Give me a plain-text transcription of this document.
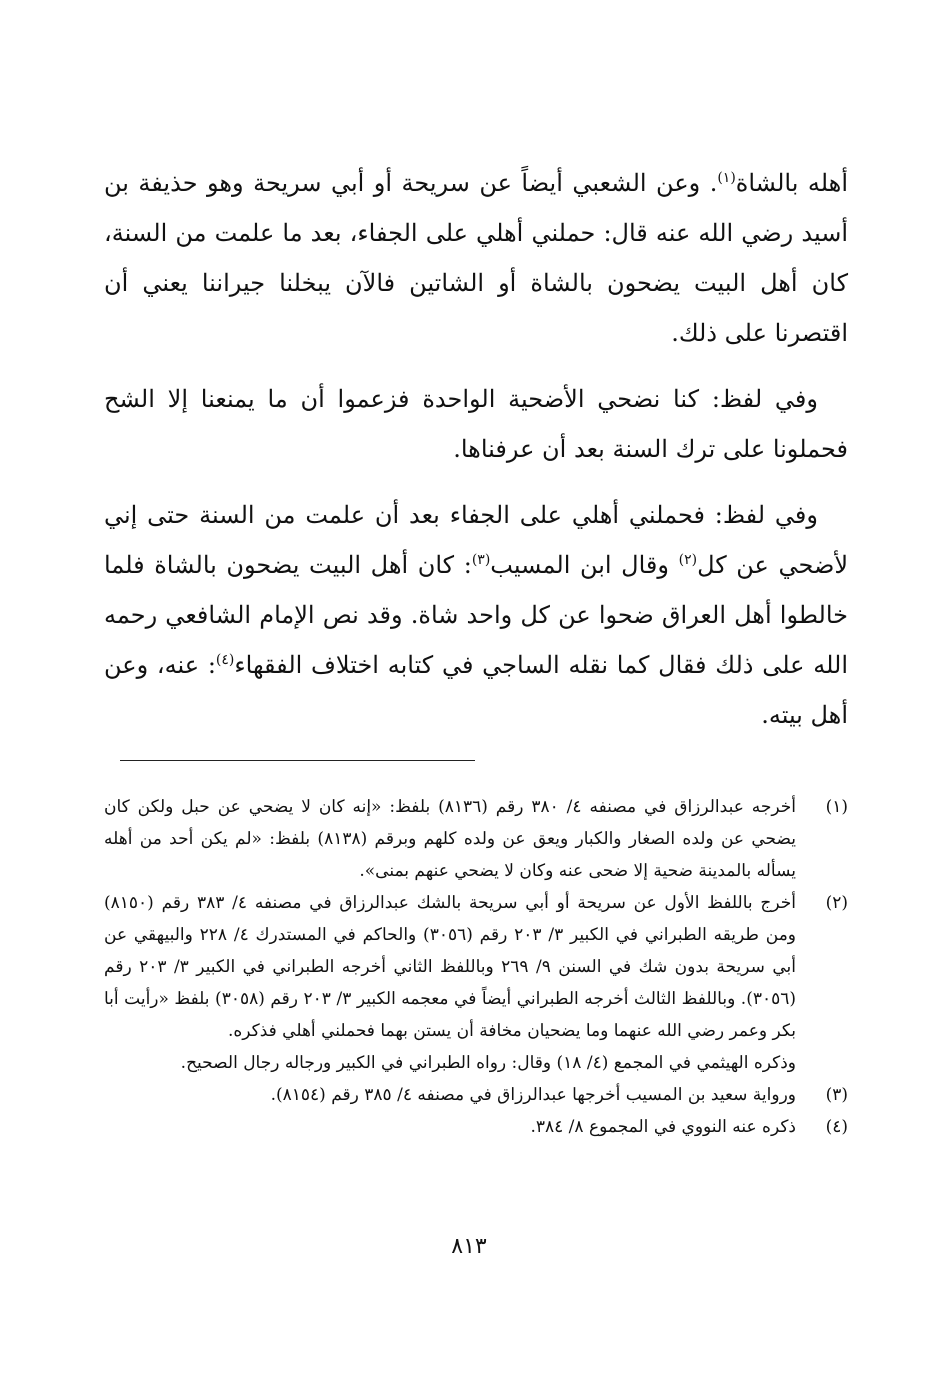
أهله بالشاة$^{(١)}$. وعن الشعبي أيضاً عن سريحة أو أبي سريحة وهو حذيفة بن أسيد رضي الله عنه قال: حملني أهلي على الجفاء، بعد ما علمت من السنة، كان أهل البيت يضحون بالشاة أو الشاتين فالآن يبخلنا جيراننا يعني أن اقتصرنا على ذلك.

وفي لفظ: كنا نضحي الأضحية الواحدة فزعموا أن ما يمنعنا إلا الشح فحملونا على ترك السنة بعد أن عرفناها.

وفي لفظ: فحملني أهلي على الجفاء بعد أن علمت من السنة حتى إني لأضحي عن كل$^{(٢)}$ وقال ابن المسيب$^{(٣)}$: كان أهل البيت يضحون بالشاة فلما خالطوا أهل العراق ضحوا عن كل واحد شاة. وقد نص الإمام الشافعي رحمه الله على ذلك فقال كما نقله الساجي في كتابه اختلاف الفقهاء$^{(٤)}$: عنه، وعن أهل بيته.

(١)

أخرجه عبدالرزاق في مصنفه ٤/ ٣٨٠ رقم (٨١٣٦) بلفظ: «إنه كان لا يضحي عن حبل ولكن كان يضحي عن ولده الصغار والكبار ويعق عن ولده كلهم وبرقم (٨١٣٨) بلفظ: «لم يكن أحد من أهله يسأله بالمدينة ضحية إلا ضحى عنه وكان لا يضحي عنهم بمنى».

(٢)

أخرج باللفظ الأول عن سريحة أو أبي سريحة بالشك عبدالرزاق في مصنفه ٤/ ٣٨٣ رقم (٨١٥٠) ومن طريقه الطبراني في الكبير ٣/ ٢٠٣ رقم (٣٠٥٦) والحاكم في المستدرك ٤/ ٢٢٨ والبيهقي عن أبي سريحة بدون شك في السنن ٩/ ٢٦٩ وباللفظ الثاني أخرجه الطبراني في الكبير ٣/ ٢٠٣ رقم (٣٠٥٦). وباللفظ الثالث أخرجه الطبراني أيضاً في معجمه الكبير ٣/ ٢٠٣ رقم (٣٠٥٨) بلفظ «رأيت أبا بكر وعمر رضي الله عنهما وما يضحيان مخافة أن يستن بهما فحملني أهلي فذكره.

وذكره الهيثمي في المجمع (٤/ ١٨) وقال: رواه الطبراني في الكبير ورجاله رجال الصحيح.

(٣)

ورواية سعيد بن المسيب أخرجها عبدالرزاق في مصنفه ٤/ ٣٨٥ رقم (٨١٥٤).

(٤)

ذكره عنه النووي في المجموع ٨/ ٣٨٤.

٨١٣
